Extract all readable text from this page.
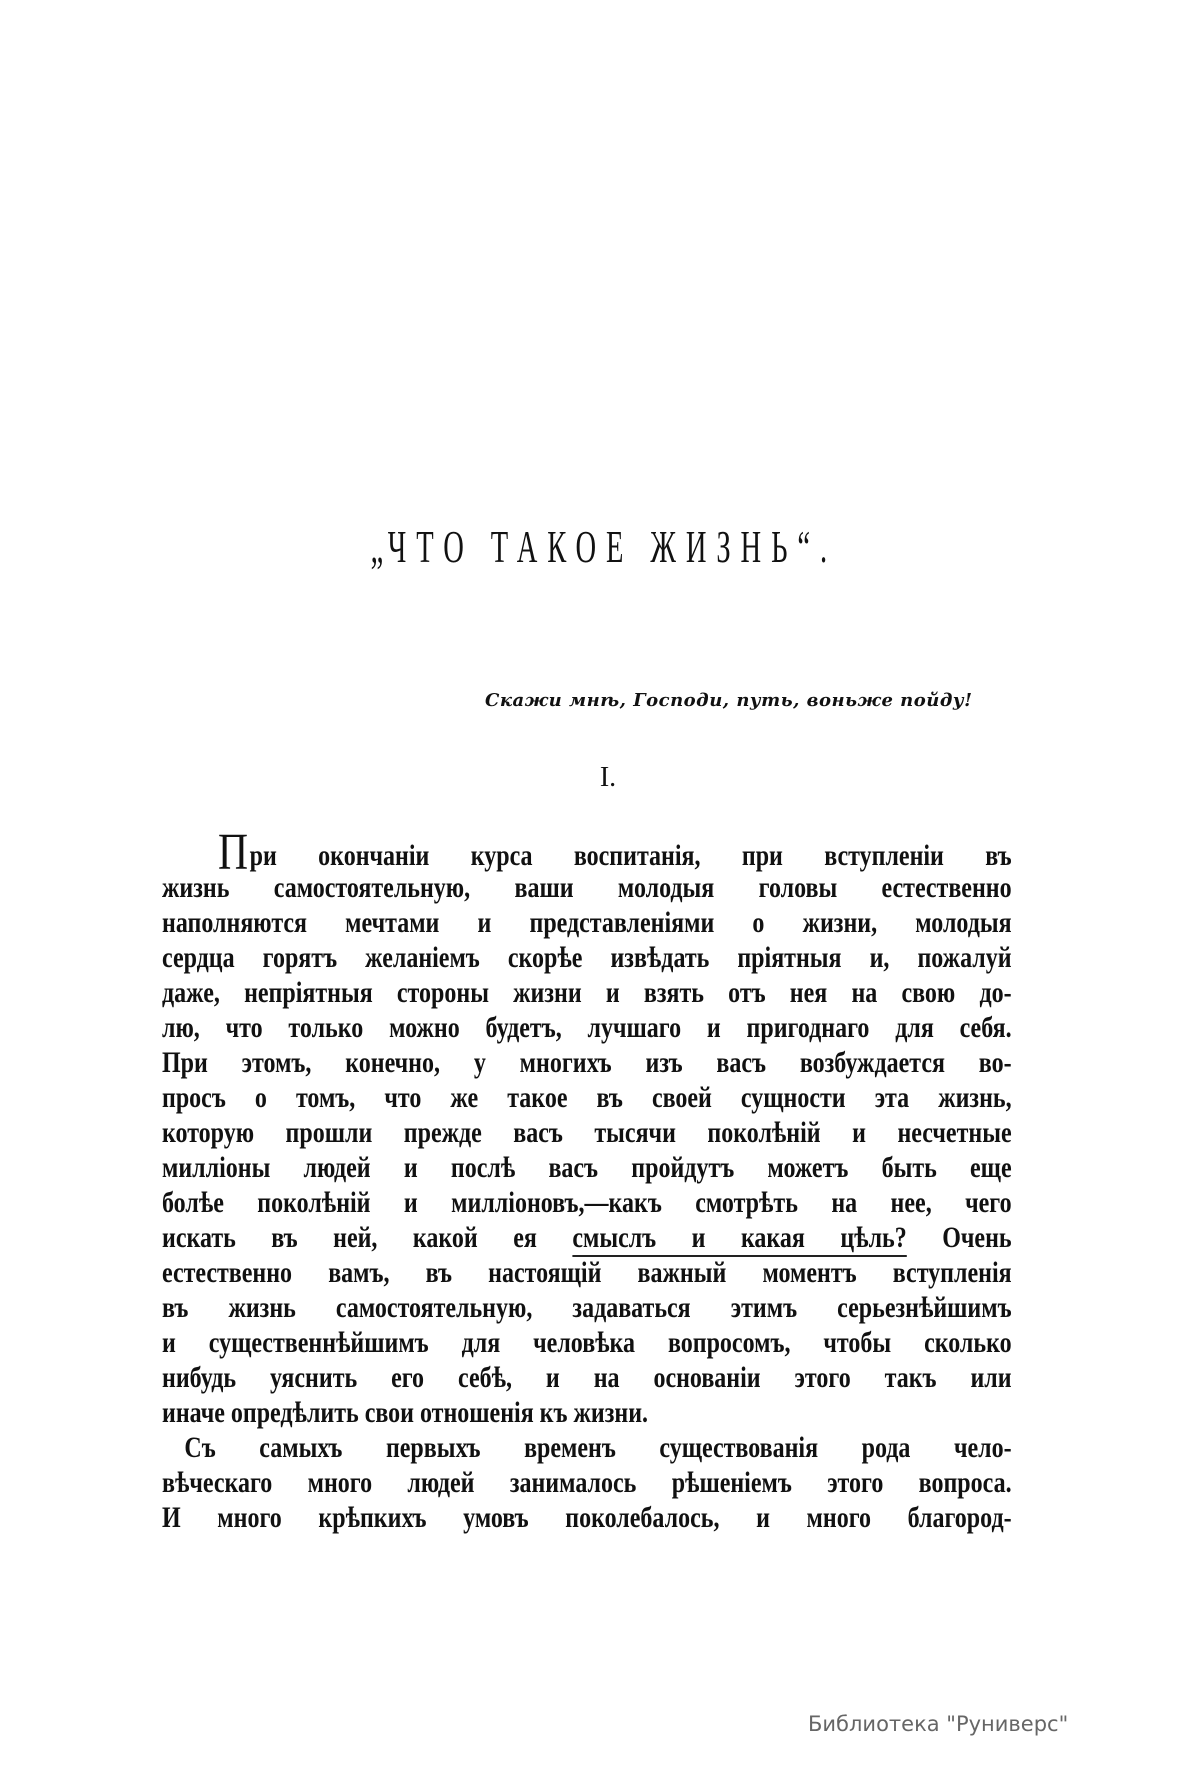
„ЧТО ТАКОЕ ЖИЗНЬ“.
Скажи мнѣ, Господи, путь, воньже пойду!
I.
При окончаніи курса воспитанія, при вступленіи въ
жизнь самостоятельную, ваши молодыя головы естественно
наполняются мечтами и представленіями о жизни, молодыя
сердца горятъ желаніемъ скорѣе извѣдать пріятныя и, пожалуй
даже, непріятныя стороны жизни и взять отъ нея на свою до-
лю, что только можно будетъ, лучшаго и пригоднаго для себя.
При этомъ, конечно, у многихъ изъ васъ возбуждается во-
просъ о томъ, что же такое въ своей сущности эта жизнь,
которую прошли прежде васъ тысячи поколѣній и несчетные
милліоны людей и послѣ васъ пройдутъ можетъ быть еще
болѣе поколѣній и милліоновъ,—какъ смотрѣть на нее, чего
искать въ ней, какой ея смыслъ и какая цѣль? Очень
естественно вамъ, въ настоящій важный моментъ вступленія
въ жизнь самостоятельную, задаваться этимъ серьезнѣйшимъ
и существеннѣйшимъ для человѣка вопросомъ, чтобы сколько
нибудь уяснить его себѣ, и на основаніи этого такъ или
иначе опредѣлить свои отношенія къ жизни.
Съ самыхъ первыхъ временъ существованія рода чело-
вѣческаго много людей занималось рѣшеніемъ этого вопроса.
И много крѣпкихъ умовъ поколебалось, и много благород-
Библиотека "Руниверс"
